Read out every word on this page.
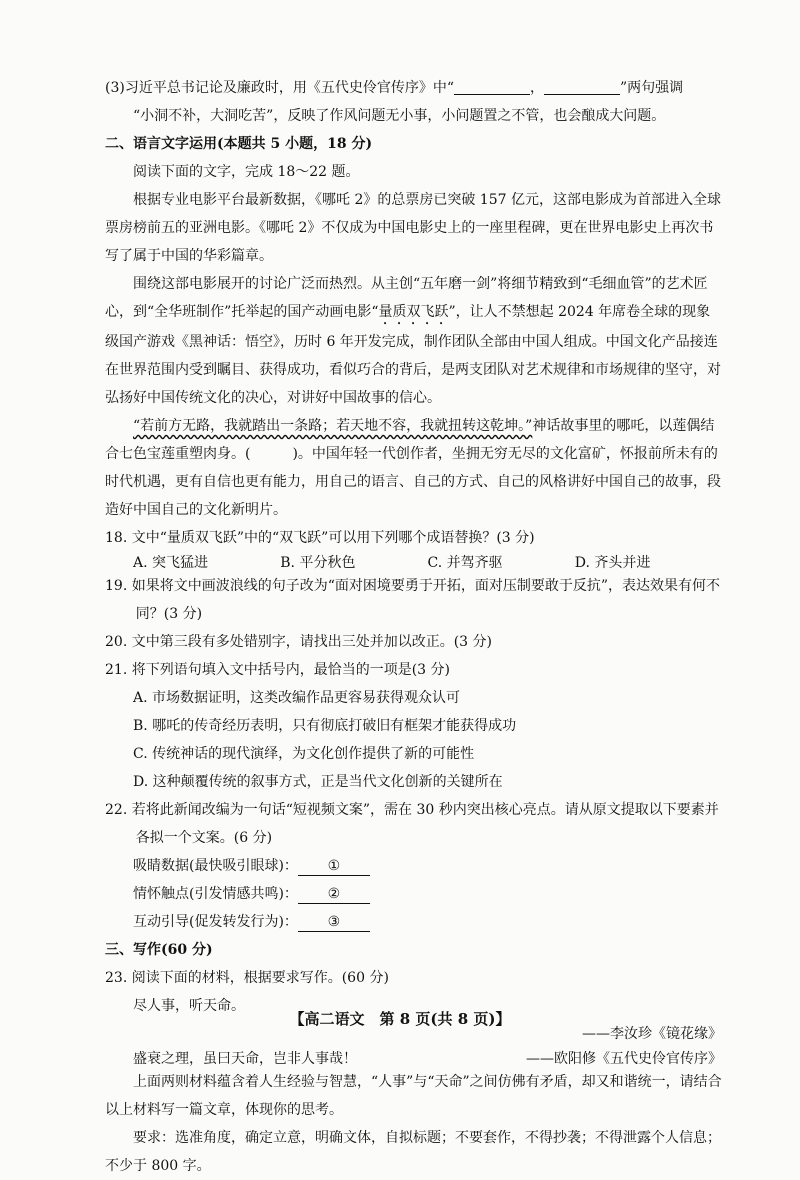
(3)习近平总书记论及廉政时，用《五代史伶官传序》中“	，	”两句强调

“小洞不补，大洞吃苦”，反映了作风问题无小事，小问题置之不管，也会酿成大问题。

二、语言文字运用(本题共 5 小题，18 分)

阅读下面的文字，完成 18～22 题。

根据专业电影平台最新数据，《哪吒 2》的总票房已突破 157 亿元，这部电影成为首部进入全球票房榜前五的亚洲电影。《哪吒 2》不仅成为中国电影史上的一座里程碑，更在世界电影史上再次书写了属于中国的华彩篇章。

围绕这部电影展开的讨论广泛而热烈。从主创“五年磨一剑”将细节精致到“毛细血管”的艺术匠心，到“全华班制作”托举起的国产动画电影“量质双飞跃”，让人不禁想起 2024 年席卷全球的现象级国产游戏《黑神话：悟空》，历时 6 年开发完成，制作团队全部由中国人组成。中国文化产品接连在世界范围内受到瞩目、获得成功，看似巧合的背后，是两支团队对艺术规律和市场规律的坚守，对弘扬好中国传统文化的决心，对讲好中国故事的信心。

“若前方无路，我就踏出一条路；若天地不容，我就扭转这乾坤。”神话故事里的哪吒，以莲偶结合七色宝莲重塑肉身。(　　　)。中国年轻一代创作者，坐拥无穷无尽的文化富矿，怀报前所未有的时代机遇，更有自信也更有能力，用自己的语言、自己的方式、自己的风格讲好中国自己的故事，段造好中国自己的文化新明片。

18. 文中“量质双飞跃”中的“双飞跃”可以用下列哪个成语替换？(3 分)

A. 突飞猛进	B. 平分秋色	C. 并驾齐驱	D. 齐头并进

19. 如果将文中画波浪线的句子改为“面对困境要勇于开拓，面对压制要敢于反抗”，表达效果有何不同？(3 分)

20. 文中第三段有多处错别字，请找出三处并加以改正。(3 分)

21. 将下列语句填入文中括号内，最恰当的一项是(3 分)

A. 市场数据证明，这类改编作品更容易获得观众认可

B. 哪吒的传奇经历表明，只有彻底打破旧有框架才能获得成功

C. 传统神话的现代演绎，为文化创作提供了新的可能性

D. 这种颠覆传统的叙事方式，正是当代文化创新的关键所在

22. 若将此新闻改编为一句话“短视频文案”，需在 30 秒内突出核心亮点。请从原文提取以下要素并各拟一个文案。(6 分)

吸睛数据(最快吸引眼球)： ①

情怀触点(引发情感共鸣)： ②

互动引导(促发转发行为)： ③

三、写作(60 分)

23. 阅读下面的材料，根据要求写作。(60 分)

尽人事，听天命。

——李汝珍《镜花缘》

盛衰之理，虽曰天命，岂非人事哉！	——欧阳修《五代史伶官传序》

上面两则材料蕴含着人生经验与智慧，“人事”与“天命”之间仿佛有矛盾，却又和谐统一，请结合以上材料写一篇文章，体现你的思考。

要求：选准角度，确定立意，明确文体，自拟标题；不要套作，不得抄袭；不得泄露个人信息；不少于 800 字。

【高二语文　第 8 页(共 8 页)】
